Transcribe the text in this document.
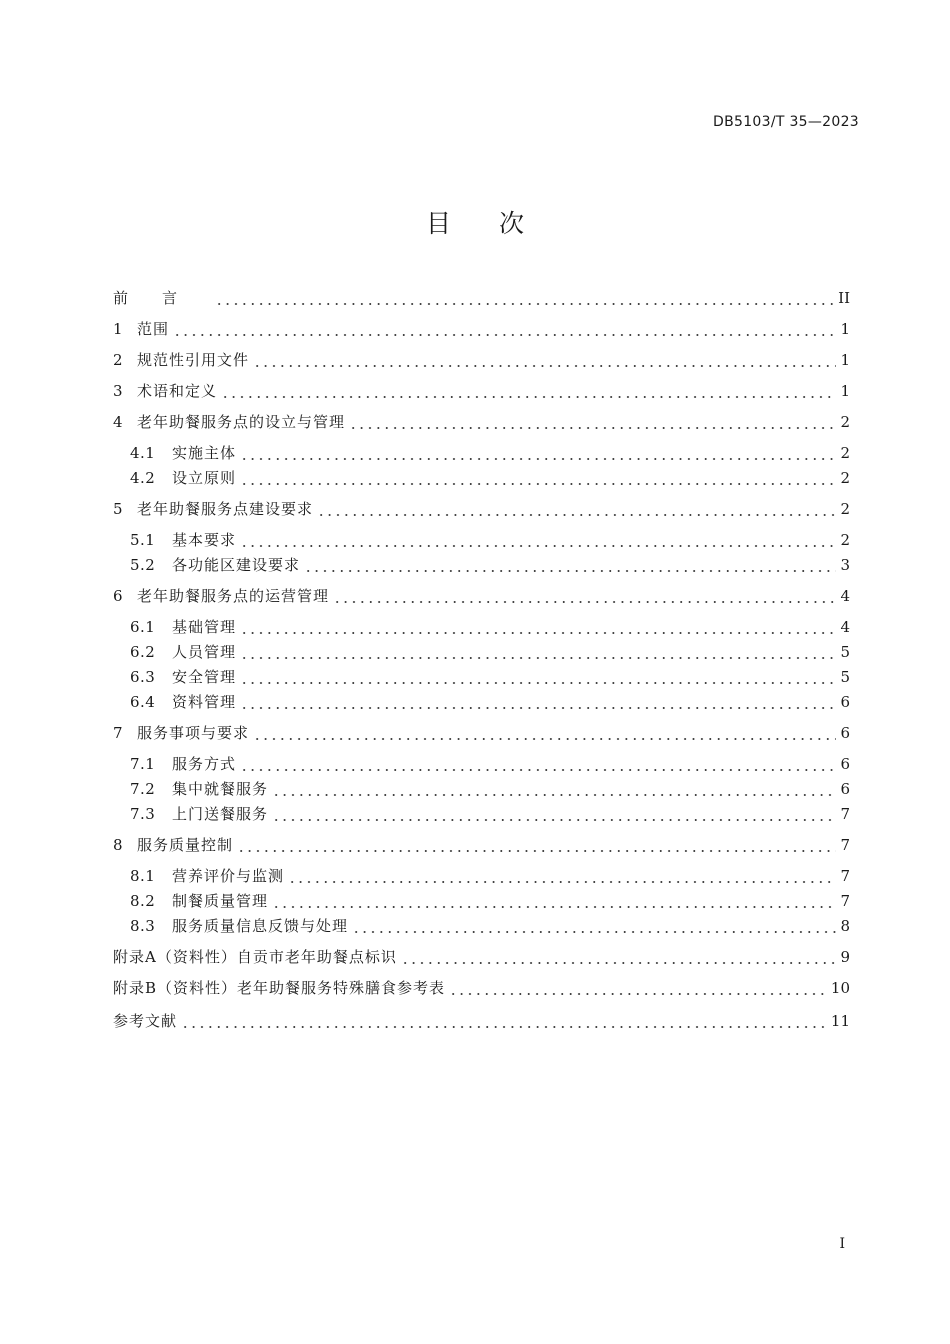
DB5103/T 35—2023
目次
前言	II
1 范围	1
2 规范性引用文件	1
3 术语和定义	1
4 老年助餐服务点的设立与管理	2
4.1	实施主体	2
4.2	设立原则	2
5 老年助餐服务点建设要求	2
5.1	基本要求	2
5.2	各功能区建设要求	3
6 老年助餐服务点的运营管理	4
6.1	基础管理	4
6.2	人员管理	5
6.3	安全管理	5
6.4	资料管理	6
7 服务事项与要求	6
7.1	服务方式	6
7.2	集中就餐服务	6
7.3	上门送餐服务	7
8 服务质量控制	7
8.1	营养评价与监测	7
8.2	制餐质量管理	7
8.3	服务质量信息反馈与处理	8
附录A（资料性）自贡市老年助餐点标识	9
附录B（资料性）老年助餐服务特殊膳食参考表	10
参考文献	11
I
